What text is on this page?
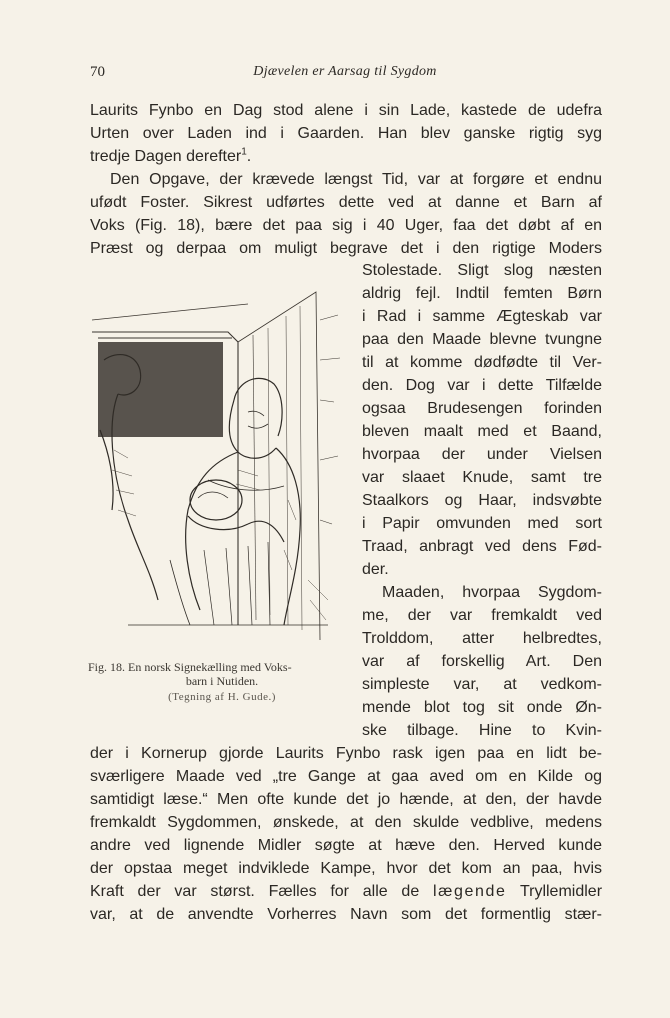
70	Djævelen er Aarsag til Sygdom
Laurits Fynbo en Dag stod alene i sin Lade, kastede de udefra
Urten over Laden ind i Gaarden. Han blev ganske rigtig syg
tredje Dagen derefter$^1$.
Den Opgave, der krævede længst Tid, var at forgøre et endnu
ufødt Foster. Sikrest udførtes dette ved at danne et Barn af
Voks (Fig. 18), bære det paa sig i 40 Uger, faa det døbt af en
Præst og derpaa om muligt begrave det i den rigtige Moders
Fig. 18. En norsk Signekælling med Voks-
barn i Nutiden.
(Tegning af H. Gude.)
Stolestade. Sligt slog næsten
aldrig fejl. Indtil femten Børn
i Rad i samme Ægteskab var
paa den Maade blevne tvungne
til at komme dødfødte til Ver-
den. Dog var i dette Tilfælde
ogsaa Brudesengen forinden
bleven maalt med et Baand,
hvorpaa der under Vielsen
var slaaet Knude, samt tre
Staalkors og Haar, indsvøbte
i Papir omvunden med sort
Traad, anbragt ved dens Fød-
der.
Maaden, hvorpaa Sygdom-
me, der var fremkaldt ved
Trolddom, atter helbredtes,
var af forskellig Art. Den
simpleste var, at vedkom-
mende blot tog sit onde Øn-
ske tilbage. Hine to Kvin-
der i Kornerup gjorde Laurits Fynbo rask igen paa en lidt be-
sværligere Maade ved „tre Gange at gaa aved om en Kilde og
samtidigt læse.“ Men ofte kunde det jo hænde, at den, der havde
fremkaldt Sygdommen, ønskede, at den skulde vedblive, medens
andre ved lignende Midler søgte at hæve den. Herved kunde
der opstaa meget indviklede Kampe, hvor det kom an paa, hvis
Kraft der var størst. Fælles for alle de lægende Tryllemidler
var, at de anvendte Vorherres Navn som det formentlig stær-
